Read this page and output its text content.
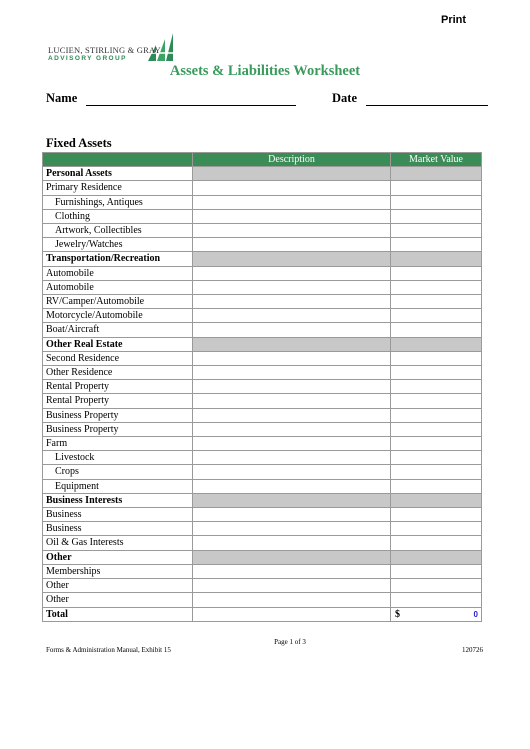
Print
LUCIEN, STIRLING & GRAY
ADVISORY GROUP
Assets & Liabilities Worksheet
Name	Date
Fixed Assets
	Description	Market Value
Personal Assets		
Primary Residence		
Furnishings, Antiques		
Clothing		
Artwork, Collectibles		
Jewelry/Watches		
Transportation/Recreation		
Automobile		
Automobile		
RV/Camper/Automobile		
Motorcycle/Automobile		
Boat/Aircraft		
Other Real Estate		
Second Residence		
Other Residence		
Rental Property		
Rental Property		
Business Property		
Business Property		
Farm		
Livestock		
Crops		
Equipment		
Business Interests		
Business		
Business		
Oil & Gas Interests		
Other		
Memberships		
Other		
Other		
Total		$ 0
Page 1 of 3
Forms & Administration Manual, Exhibit 15	120726
